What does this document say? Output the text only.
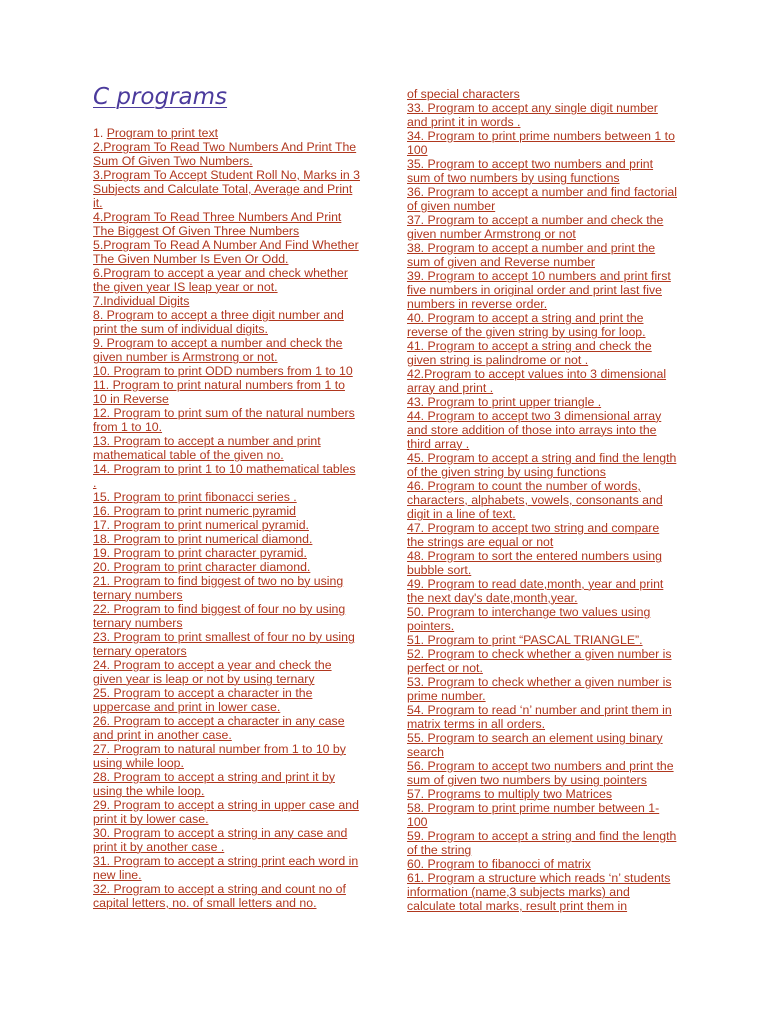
C programs
1. Program to print text
2.Program To Read Two Numbers And Print The Sum Of Given Two Numbers.
3.Program To Accept Student Roll No, Marks in 3 Subjects and Calculate Total, Average and Print it.
4.Program To Read Three Numbers And Print The Biggest Of Given Three Numbers
5.Program To Read A Number And Find Whether The Given Number Is Even Or Odd.
6.Program to accept a year and check whether the given year IS leap year or not.
7.Individual Digits
8. Program to accept a three digit number and print the sum of individual digits.
9. Program to accept a number and check the given number is Armstrong or not.
10. Program to print ODD numbers from 1 to 10
11. Program to print natural numbers from 1 to 10 in Reverse
12. Program to print sum of the natural numbers from 1 to 10.
13. Program to accept a number and print mathematical table of the given no.
14. Program to print 1 to 10 mathematical tables .
15. Program to print fibonacci series .
16. Program to print numeric pyramid
17. Program to print numerical pyramid.
18. Program to print numerical diamond.
19. Program to print character pyramid.
20. Program to print character diamond.
21. Program to find biggest of two no by using ternary numbers
22. Program to find biggest of four no by using ternary numbers
23. Program to print smallest of four no by using ternary operators
24. Program to accept a year and check the given year is leap or not by using ternary
25. Program to accept a character in the uppercase and print in lower case.
26. Program to accept a character in any case and print in another case.
27. Program to natural number from 1 to 10 by using while loop.
28. Program to accept a string and print it by using the while loop.
29. Program to accept a string in upper case and print it by lower case.
30. Program to accept a string in any case and print it by another case .
31. Program to accept a string print each word in new line.
32. Program to accept a string and count no of capital letters, no. of small letters and no.
of special characters
33. Program to accept any single digit number and print it in words .
34. Program to print prime numbers between 1 to 100
35. Program to accept two numbers and print sum of two numbers by using functions
36. Program to accept a number and find factorial of given number
37. Program to accept a number and check the given number Armstrong or not
38. Program to accept a number and print the sum of given and Reverse number
39. Program to accept 10 numbers and print first five numbers in original order and print last five numbers in reverse order.
40. Program to accept a string and print the reverse of the given string by using for loop.
41. Program to accept a string and check the given string is palindrome or not .
42.Program to accept values into 3 dimensional array and print .
43. Program to print upper triangle .
44. Program to accept two 3 dimensional array and store addition of those into arrays into the third array .
45. Program to accept a string and find the length of the given string by using functions
46. Program to count the number of words, characters, alphabets, vowels, consonants and digit in a line of text.
47. Program to accept two string and compare the strings are equal or not
48. Program to sort the entered numbers using bubble sort.
49. Program to read date,month, year and print the next day's date,month,year.
50. Program to interchange two values using pointers.
51. Program to print “PASCAL TRIANGLE”.
52. Program to check whether a given number is perfect or not.
53. Program to check whether a given number is prime number.
54. Program to read ‘n’ number and print them in matrix terms in all orders.
55. Program to search an element using binary search
56. Program to accept two numbers and print the sum of given two numbers by using pointers
57. Programs to multiply two Matrices
58. Program to print prime number between 1-100
59. Program to accept a string and find the length of the string
60. Program to fibanocci of matrix
61. Program a structure which reads ‘n’ students information (name,3 subjects marks) and calculate total marks, result print them in
